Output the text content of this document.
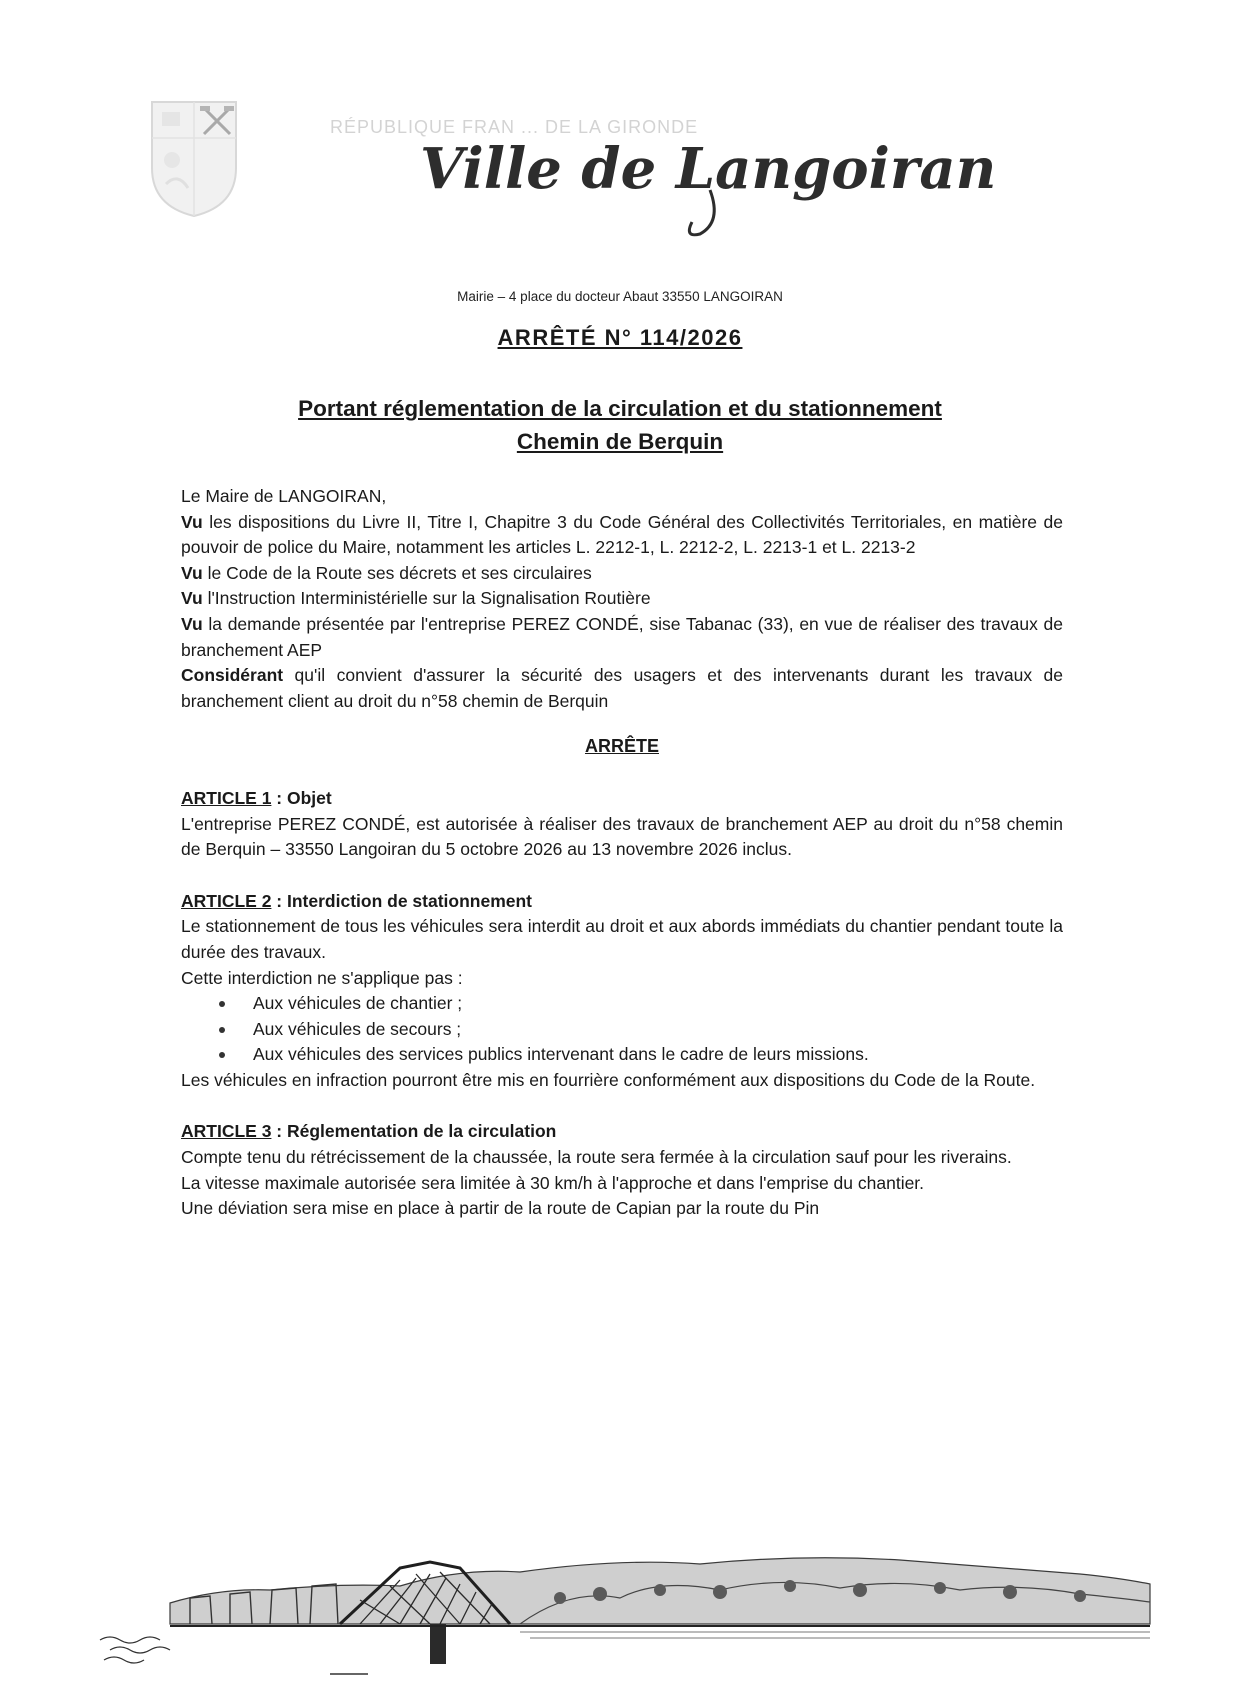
RÉPUBLIQUE FRAN ... DE LA GIRONDE
Ville de Langoiran
Mairie – 4 place du docteur Abaut 33550 LANGOIRAN
ARRÊTÉ N° 114/2026
Portant réglementation de la circulation et du stationnement
Chemin de Berquin

Le Maire de LANGOIRAN,

Vu les dispositions du Livre II, Titre I, Chapitre 3 du Code Général des Collectivités Territoriales, en matière de pouvoir de police du Maire, notamment les articles L. 2212-1, L. 2212-2, L. 2213-1 et L. 2213-2

Vu le Code de la Route ses décrets et ses circulaires

Vu l'Instruction Interministérielle sur la Signalisation Routière

Vu la demande présentée par l'entreprise PEREZ CONDÉ, sise Tabanac (33), en vue de réaliser des travaux de branchement AEP

Considérant qu'il convient d'assurer la sécurité des usagers et des intervenants durant les travaux de branchement client au droit du n°58 chemin de Berquin

ARRÊTE

ARTICLE 1 : Objet

L'entreprise PEREZ CONDÉ, est autorisée à réaliser des travaux de branchement AEP au droit du n°58 chemin de Berquin – 33550 Langoiran du 5 octobre 2026 au 13 novembre 2026 inclus.

ARTICLE 2 : Interdiction de stationnement

Le stationnement de tous les véhicules sera interdit au droit et aux abords immédiats du chantier pendant toute la durée des travaux.

Cette interdiction ne s'applique pas :

Aux véhicules de chantier ;
Aux véhicules de secours ;
Aux véhicules des services publics intervenant dans le cadre de leurs missions.

Les véhicules en infraction pourront être mis en fourrière conformément aux dispositions du Code de la Route.

ARTICLE 3 : Réglementation de la circulation

Compte tenu du rétrécissement de la chaussée, la route sera fermée à la circulation sauf pour les riverains.

La vitesse maximale autorisée sera limitée à 30 km/h à l'approche et dans l'emprise du chantier.

Une déviation sera mise en place à partir de la route de Capian par la route du Pin
